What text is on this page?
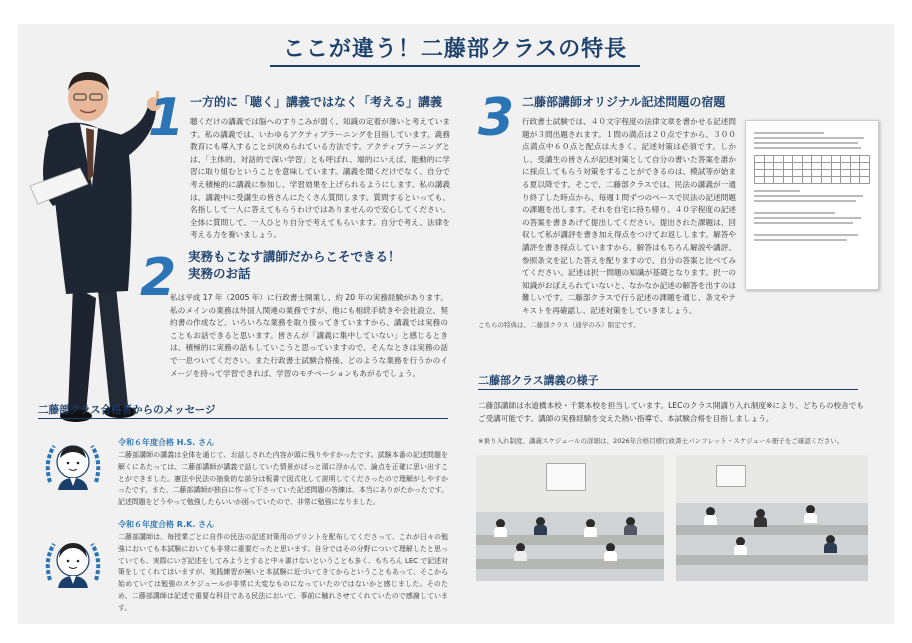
ここが違う！二藤部クラスの特長
1 一方的に「聴く」講義ではなく「考える」講義
聴くだけの講義では脳へのすりこみが弱く、知識の定着が薄いと考えています。私の講義では、いわゆるアクティブラーニングを目指しています。義務教育にも導入することが決められている方法です。アクティブラーニングとは、「主体的、対話的で深い学習」とも呼ばれ、端的にいえば、能動的に学習に取り組むということを意味しています。講義を聞くだけでなく、自分で考え積極的に講義に参加し、学習効果を上げられるようにします。私の講義は、講義中に受講生の皆さんにたくさん質問します。質問するといっても、名指しして一人に答えてもらうわけではありませんので安心してください。全体に質問して、一人ひとり自分で考えてもらいます。自分で考え、法律を考える力を養いましょう。
2 実務もこなす講師だからこそできる！
実務のお話
私は平成 17 年（2005 年）に行政書士開業し、約 20 年の実務経験があります。私のメインの業務は外国人関連の業務ですが、他にも相続手続きや会社設立、契約書の作成など、いろいろな業務を取り扱ってきていますから、講義では実務のこともお話できると思います。皆さんが「講義に集中していない」と感じるときは、積極的に実務の話もしていこうと思っていますので、そんなときは実務の話で一息ついてください。また行政書士試験合格後、どのような業務を行うかのイメージを持って学習できれば、学習のモチベーションもあがるでしょう。
二藤部クラス合格者からのメッセージ
令和６年度合格 H.S. さん
二藤部講師の講義は全体を通じて、お話しされた内容が頭に残りやすかったです。試験本番の記述問題を解くにあたっては、二藤部講師が講義で話していた情景がぱっと頭に浮かんで、論点を正確に思い出すことができました。憲法や民法の抽象的な部分は板書で図式化して説明してくださったので理解がしやすかったです。また、二藤部講師が独自に作って下さっていた記述問題の答練は、本当にありがたかったです。記述問題をどうやって勉強したらいいか困っていたので、非常に勉強になりました。
令和６年度合格 R.K. さん
二藤部講師は、毎授業ごとに自作の民法の記述対策用のプリントを配布してくださって、これが日々の勉強においても本試験においても非常に重要だったと思います。自分ではその分野について理解したと思っていても、実際にいざ記述をしてみようとすると中々書けないということも多く、もちろん LEC で記述対策をしてくれてはいますが、実践練習が無いと本試験に近づいてきてからということもあって、そこから始めていては勉強のスケジュールが非常に大変なものになっていたのではないかと感じました。そのため、二藤部講師は記述で重要な科目である民法において、事前に触れさせてくれていたので感謝しています。
3 二藤部講師オリジナル記述問題の宿題
行政書士試験では、４０文字程度の法律文章を書かせる記述問題が３問出題されます。１問の満点は２０点ですから、３００点満点中６０点と配点は大きく、記述対策は必須です。しかし、受講生の皆さんが記述対策として自分の書いた答案を誰かに採点してもらう対策をすることができるのは、模試等が始まる夏以降です。そこで、二藤部クラスでは、民法の講義が一通り終了した時点から、毎週１問ずつのペースで民法の記述問題の課題を出します。それを自宅に持ち帰り、４０字程度の記述の答案を書きあげて提出してください。提出された課題は、回収して私が講評を書き加え得点をつけてお返しします。解答や講評を書き採点していますから、解答はもちろん解説や講評、参照条文を記した答えを配りますので、自分の答案と比べてみてください。記述は択一問題の知識が基礎となります。択一の知識がおぼえられていないと、なかなか記述の解答を出すのは難しいです。二藤部クラスで行う記述の課題を通じ、条文やテキストを再確認し、記述対策をしていきましょう。
こちらの特典は、二藤部クラス（通学のみ）限定です。
二藤部クラス講義の様子
二藤部講師は水道橋本校・千葉本校を担当しています。LECのクラス開講り入れ制度※により、どちらの校舎でもご受講可能です。講師の実務経験を交えた熱い指導で、本試験合格を目指しましょう。
※乗り入れ制度、講義スケジュールの詳細は、2026年合格目標行政書士パンフレット・スケジュール冊子をご確認ください。
